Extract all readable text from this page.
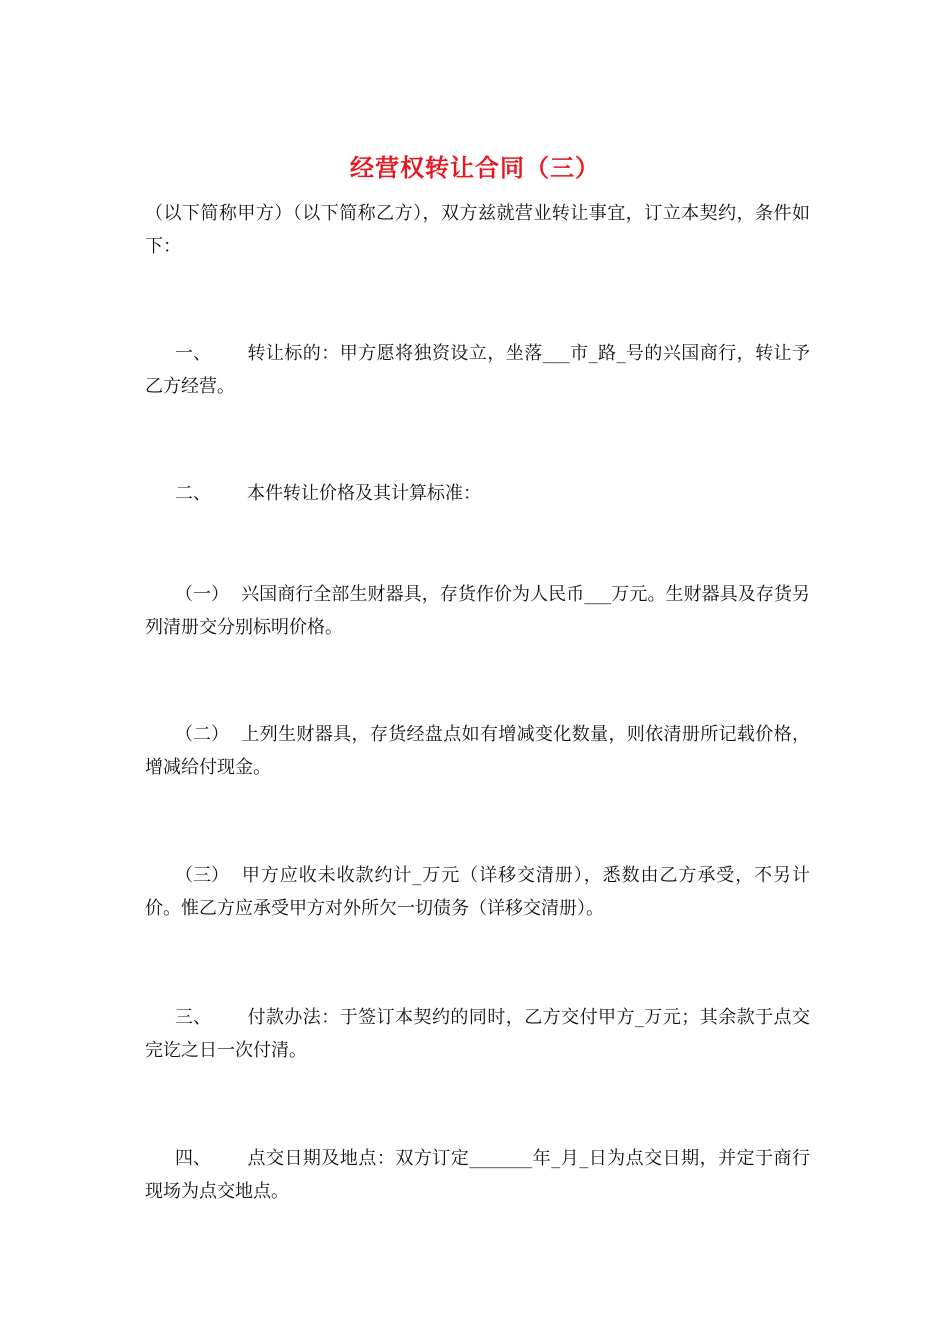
经营权转让合同（三）

（以下简称甲方）（以下简称乙方），双方兹就营业转让事宜，订立本契约，条件如下：

一、 转让标的：甲方愿将独资设立，坐落___市_路_号的兴国商行，转让予乙方经营。

二、 本件转让价格及其计算标准：

（一） 兴国商行全部生财器具，存货作价为人民币___万元。生财器具及存货另列清册交分别标明价格。

（二） 上列生财器具，存货经盘点如有增减变化数量，则依清册所记载价格，增减给付现金。

（三） 甲方应收未收款约计_万元（详移交清册），悉数由乙方承受，不另计价。惟乙方应承受甲方对外所欠一切债务（详移交清册）。

三、 付款办法：于签订本契约的同时，乙方交付甲方_万元；其余款于点交完讫之日一次付清。

四、 点交日期及地点：双方订定_______年_月_日为点交日期，并定于商行现场为点交地点。
